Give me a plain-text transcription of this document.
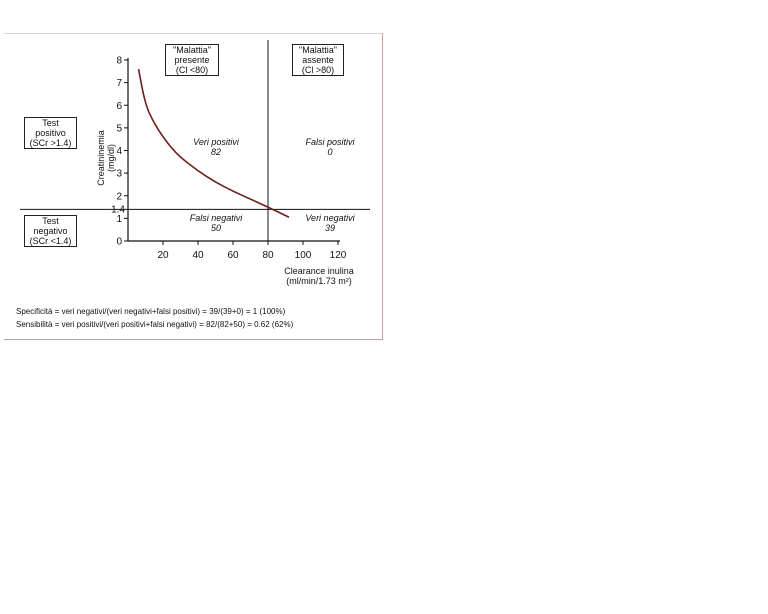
0
1
2
3
4
5
6
7
8
20 40 60 80 100 120
1.4
"Malattia"
presente
(Cl <80)
"Malattia"
assente
(Cl >80)
Test
positivo
(SCr >1.4)
Test
negativo
(SCr <1.4)
Veri positivi
82
Falsi positivi
0
Falsi negativi
50
Veri negativi
39
Creatininemia
(mg/dl)
Clearance inulina
(ml/min/1.73 m²)
Specificità = veri negativi/(veri negativi+falsi positivi) = 39/(39+0) = 1 (100%)
Sensibilità = veri positivi/(veri positivi+falsi negativi) = 82/(82+50) = 0.62 (62%)
